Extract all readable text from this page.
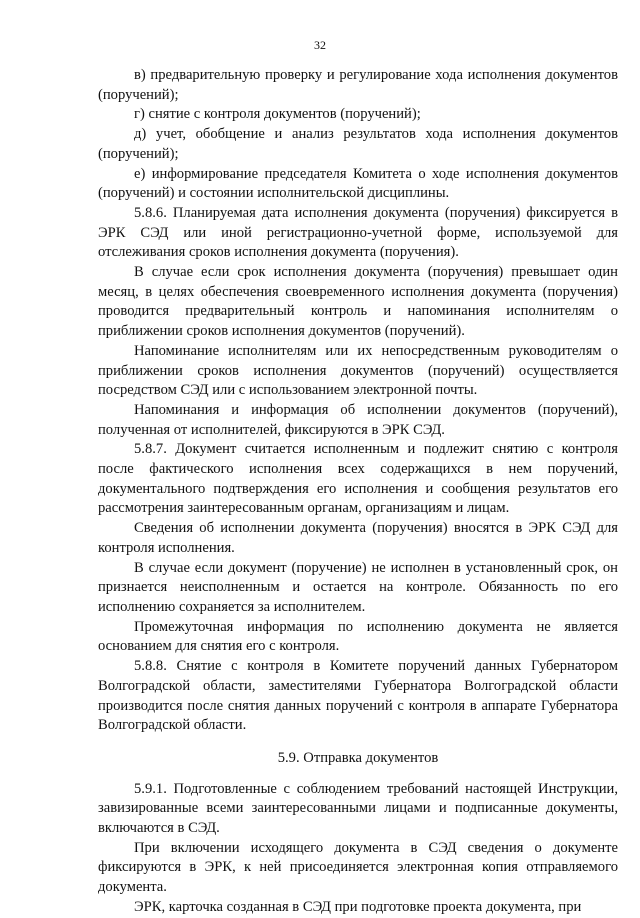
32

в) предварительную проверку и регулирование хода исполнения документов (поручений);

г) снятие с контроля документов (поручений);

д) учет, обобщение и анализ результатов хода исполнения документов (поручений);

е) информирование председателя Комитета о ходе исполнения документов (поручений) и состоянии исполнительской дисциплины.

5.8.6. Планируемая дата исполнения документа (поручения) фиксируется в ЭРК СЭД или иной регистрационно-учетной форме, используемой для отслеживания сроков исполнения документа (поручения).

В случае если срок исполнения документа (поручения) превышает один месяц, в целях обеспечения своевременного исполнения документа (поручения) проводится предварительный контроль и напоминания исполнителям о приближении сроков исполнения документов (поручений).

Напоминание исполнителям или их непосредственным руководителям о приближении сроков исполнения документов (поручений) осуществляется посредством СЭД или с использованием электронной почты.

Напоминания и информация об исполнении документов (поручений), полученная от исполнителей, фиксируются в ЭРК СЭД.

5.8.7. Документ считается исполненным и подлежит снятию с контроля после фактического исполнения всех содержащихся в нем поручений, документального подтверждения его исполнения и сообщения результатов его рассмотрения заинтересованным органам, организациям и лицам.

Сведения об исполнении документа (поручения) вносятся в ЭРК СЭД для контроля исполнения.

В случае если документ (поручение) не исполнен в установленный срок, он признается неисполненным и остается на контроле. Обязанность по его исполнению сохраняется за исполнителем.

Промежуточная информация по исполнению документа не является основанием для снятия его с контроля.

5.8.8. Снятие с контроля в Комитете поручений данных Губернатором Волгоградской области, заместителями Губернатора Волгоградской области производится после снятия данных поручений с контроля в аппарате Губернатора Волгоградской области.

5.9. Отправка документов

5.9.1. Подготовленные с соблюдением требований настоящей Инструкции, завизированные всеми заинтересованными лицами и подписанные документы, включаются в СЭД.

При включении исходящего документа в СЭД сведения о документе фиксируются в ЭРК, к ней присоединяется электронная копия отправляемого документа.

ЭРК, карточка созданная в СЭД при подготовке проекта документа, при
